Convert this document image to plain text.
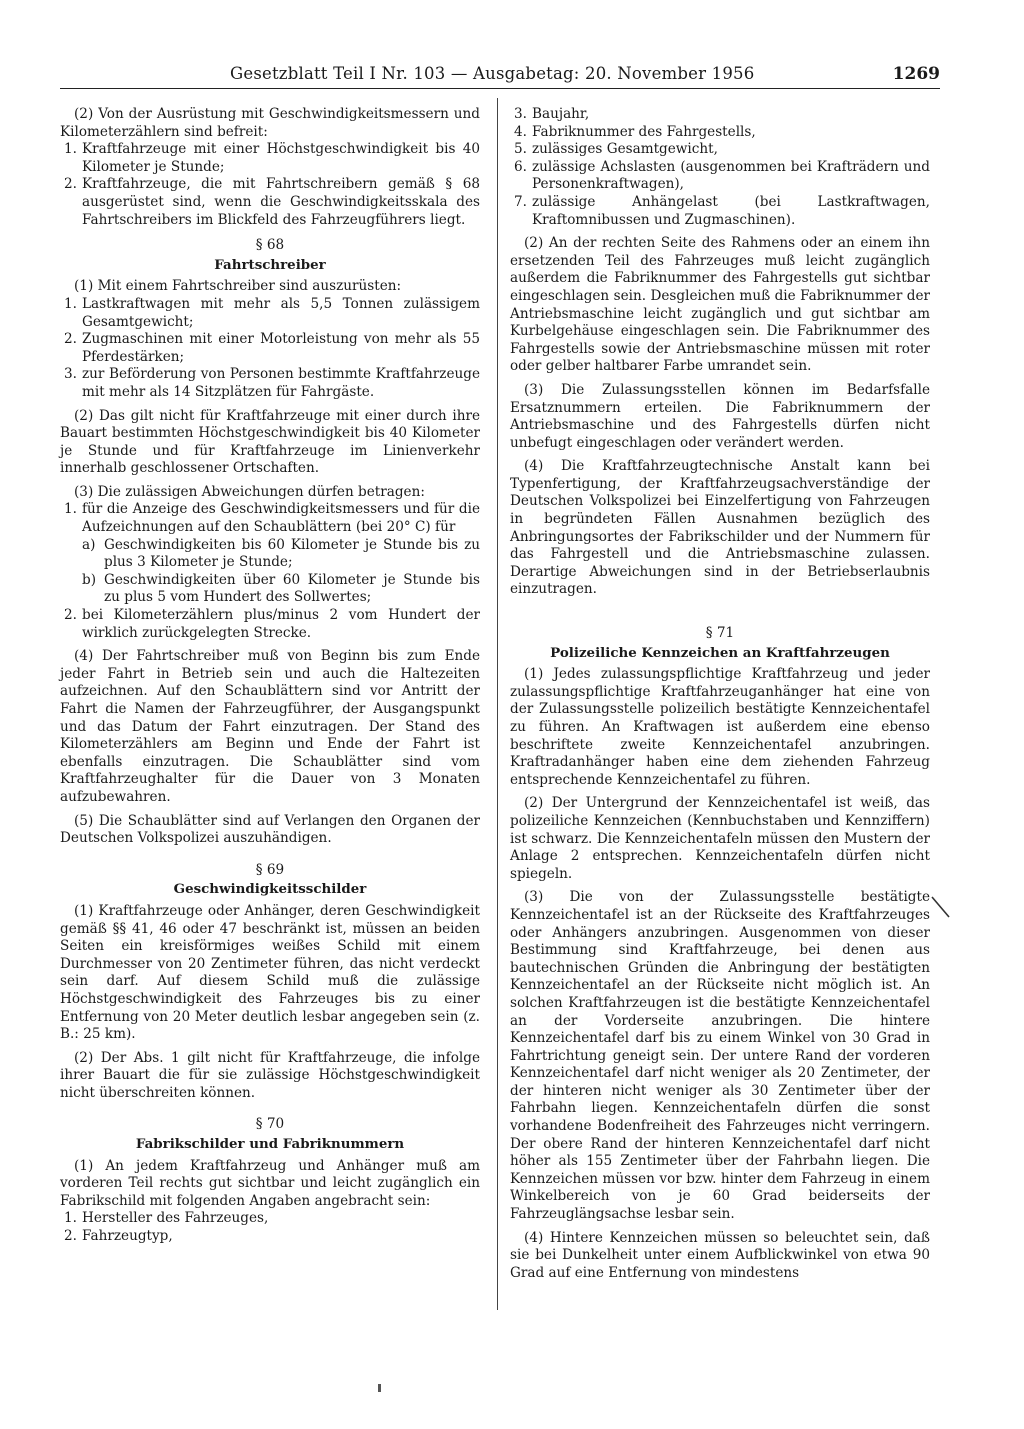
Gesetzblatt Teil I Nr. 103 — Ausgabetag: 20. November 1956	1269

(2) Von der Ausrüstung mit Geschwindigkeitsmessern und Kilometerzählern sind befreit:

1. Kraftfahrzeuge mit einer Höchstgeschwindigkeit bis 40 Kilometer je Stunde;
2. Kraftfahrzeuge, die mit Fahrtschreibern gemäß § 68 ausgerüstet sind, wenn die Geschwindigkeitsskala des Fahrtschreibers im Blickfeld des Fahrzeugführers liegt.
§ 68
Fahrtschreiber

(1) Mit einem Fahrtschreiber sind auszurüsten:

1. Lastkraftwagen mit mehr als 5,5 Tonnen zulässigem Gesamtgewicht;
2. Zugmaschinen mit einer Motorleistung von mehr als 55 Pferdestärken;
3. zur Beförderung von Personen bestimmte Kraftfahrzeuge mit mehr als 14 Sitzplätzen für Fahrgäste.

(2) Das gilt nicht für Kraftfahrzeuge mit einer durch ihre Bauart bestimmten Höchstgeschwindigkeit bis 40 Kilometer je Stunde und für Kraftfahrzeuge im Linienverkehr innerhalb geschlossener Ortschaften.

(3) Die zulässigen Abweichungen dürfen betragen:

1. für die Anzeige des Geschwindigkeitsmessers und für die Aufzeichnungen auf den Schaublättern (bei 20° C) für
a) Geschwindigkeiten bis 60 Kilometer je Stunde bis zu plus 3 Kilometer je Stunde;
b) Geschwindigkeiten über 60 Kilometer je Stunde bis zu plus 5 vom Hundert des Sollwertes;
2. bei Kilometerzählern plus/minus 2 vom Hundert der wirklich zurückgelegten Strecke.

(4) Der Fahrtschreiber muß von Beginn bis zum Ende jeder Fahrt in Betrieb sein und auch die Haltezeiten aufzeichnen. Auf den Schaublättern sind vor Antritt der Fahrt die Namen der Fahrzeugführer, der Ausgangspunkt und das Datum der Fahrt einzutragen. Der Stand des Kilometerzählers am Beginn und Ende der Fahrt ist ebenfalls einzutragen. Die Schaublätter sind vom Kraftfahrzeughalter für die Dauer von 3 Monaten aufzubewahren.

(5) Die Schaublätter sind auf Verlangen den Organen der Deutschen Volkspolizei auszuhändigen.

§ 69
Geschwindigkeitsschilder

(1) Kraftfahrzeuge oder Anhänger, deren Geschwindigkeit gemäß §§ 41, 46 oder 47 beschränkt ist, müssen an beiden Seiten ein kreisförmiges weißes Schild mit einem Durchmesser von 20 Zentimeter führen, das nicht verdeckt sein darf. Auf diesem Schild muß die zulässige Höchstgeschwindigkeit des Fahrzeuges bis zu einer Entfernung von 20 Meter deutlich lesbar angegeben sein (z. B.: 25 km).

(2) Der Abs. 1 gilt nicht für Kraftfahrzeuge, die infolge ihrer Bauart die für sie zulässige Höchstgeschwindigkeit nicht überschreiten können.

§ 70
Fabrikschilder und Fabriknummern

(1) An jedem Kraftfahrzeug und Anhänger muß am vorderen Teil rechts gut sichtbar und leicht zugänglich ein Fabrikschild mit folgenden Angaben angebracht sein:

1. Hersteller des Fahrzeuges,
2. Fahrzeugtyp,
3. Baujahr,
4. Fabriknummer des Fahrgestells,
5. zulässiges Gesamtgewicht,
6. zulässige Achslasten (ausgenommen bei Krafträdern und Personenkraftwagen),
7. zulässige Anhängelast (bei Lastkraftwagen, Kraftomnibussen und Zugmaschinen).

(2) An der rechten Seite des Rahmens oder an einem ihn ersetzenden Teil des Fahrzeuges muß leicht zugänglich außerdem die Fabriknummer des Fahrgestells gut sichtbar eingeschlagen sein. Desgleichen muß die Fabriknummer der Antriebsmaschine leicht zugänglich und gut sichtbar am Kurbelgehäuse eingeschlagen sein. Die Fabriknummer des Fahrgestells sowie der Antriebsmaschine müssen mit roter oder gelber haltbarer Farbe umrandet sein.

(3) Die Zulassungsstellen können im Bedarfsfalle Ersatznummern erteilen. Die Fabriknummern der Antriebsmaschine und des Fahrgestells dürfen nicht unbefugt eingeschlagen oder verändert werden.

(4) Die Kraftfahrzeugtechnische Anstalt kann bei Typenfertigung, der Kraftfahrzeugsachverständige der Deutschen Volkspolizei bei Einzelfertigung von Fahrzeugen in begründeten Fällen Ausnahmen bezüglich des Anbringungsortes der Fabrikschilder und der Nummern für das Fahrgestell und die Antriebsmaschine zulassen. Derartige Abweichungen sind in der Betriebserlaubnis einzutragen.

§ 71
Polizeiliche Kennzeichen an Kraftfahrzeugen

(1) Jedes zulassungspflichtige Kraftfahrzeug und jeder zulassungspflichtige Kraftfahrzeuganhänger hat eine von der Zulassungsstelle polizeilich bestätigte Kennzeichentafel zu führen. An Kraftwagen ist außerdem eine ebenso beschriftete zweite Kennzeichentafel anzubringen. Kraftradanhänger haben eine dem ziehenden Fahrzeug entsprechende Kennzeichentafel zu führen.

(2) Der Untergrund der Kennzeichentafel ist weiß, das polizeiliche Kennzeichen (Kennbuchstaben und Kennziffern) ist schwarz. Die Kennzeichentafeln müssen den Mustern der Anlage 2 entsprechen. Kennzeichentafeln dürfen nicht spiegeln.

(3) Die von der Zulassungsstelle bestätigte Kennzeichentafel ist an der Rückseite des Kraftfahrzeuges oder Anhängers anzubringen. Ausgenommen von dieser Bestimmung sind Kraftfahrzeuge, bei denen aus bautechnischen Gründen die Anbringung der bestätigten Kennzeichentafel an der Rückseite nicht möglich ist. An solchen Kraftfahrzeugen ist die bestätigte Kennzeichentafel an der Vorderseite anzubringen. Die hintere Kennzeichentafel darf bis zu einem Winkel von 30 Grad in Fahrtrichtung geneigt sein. Der untere Rand der vorderen Kennzeichentafel darf nicht weniger als 20 Zentimeter, der der hinteren nicht weniger als 30 Zentimeter über der Fahrbahn liegen. Kennzeichentafeln dürfen die sonst vorhandene Bodenfreiheit des Fahrzeuges nicht verringern. Der obere Rand der hinteren Kennzeichentafel darf nicht höher als 155 Zentimeter über der Fahrbahn liegen. Die Kennzeichen müssen vor bzw. hinter dem Fahrzeug in einem Winkelbereich von je 60 Grad beiderseits der Fahrzeuglängsachse lesbar sein.

(4) Hintere Kennzeichen müssen so beleuchtet sein, daß sie bei Dunkelheit unter einem Aufblickwinkel von etwa 90 Grad auf eine Entfernung von mindestens
